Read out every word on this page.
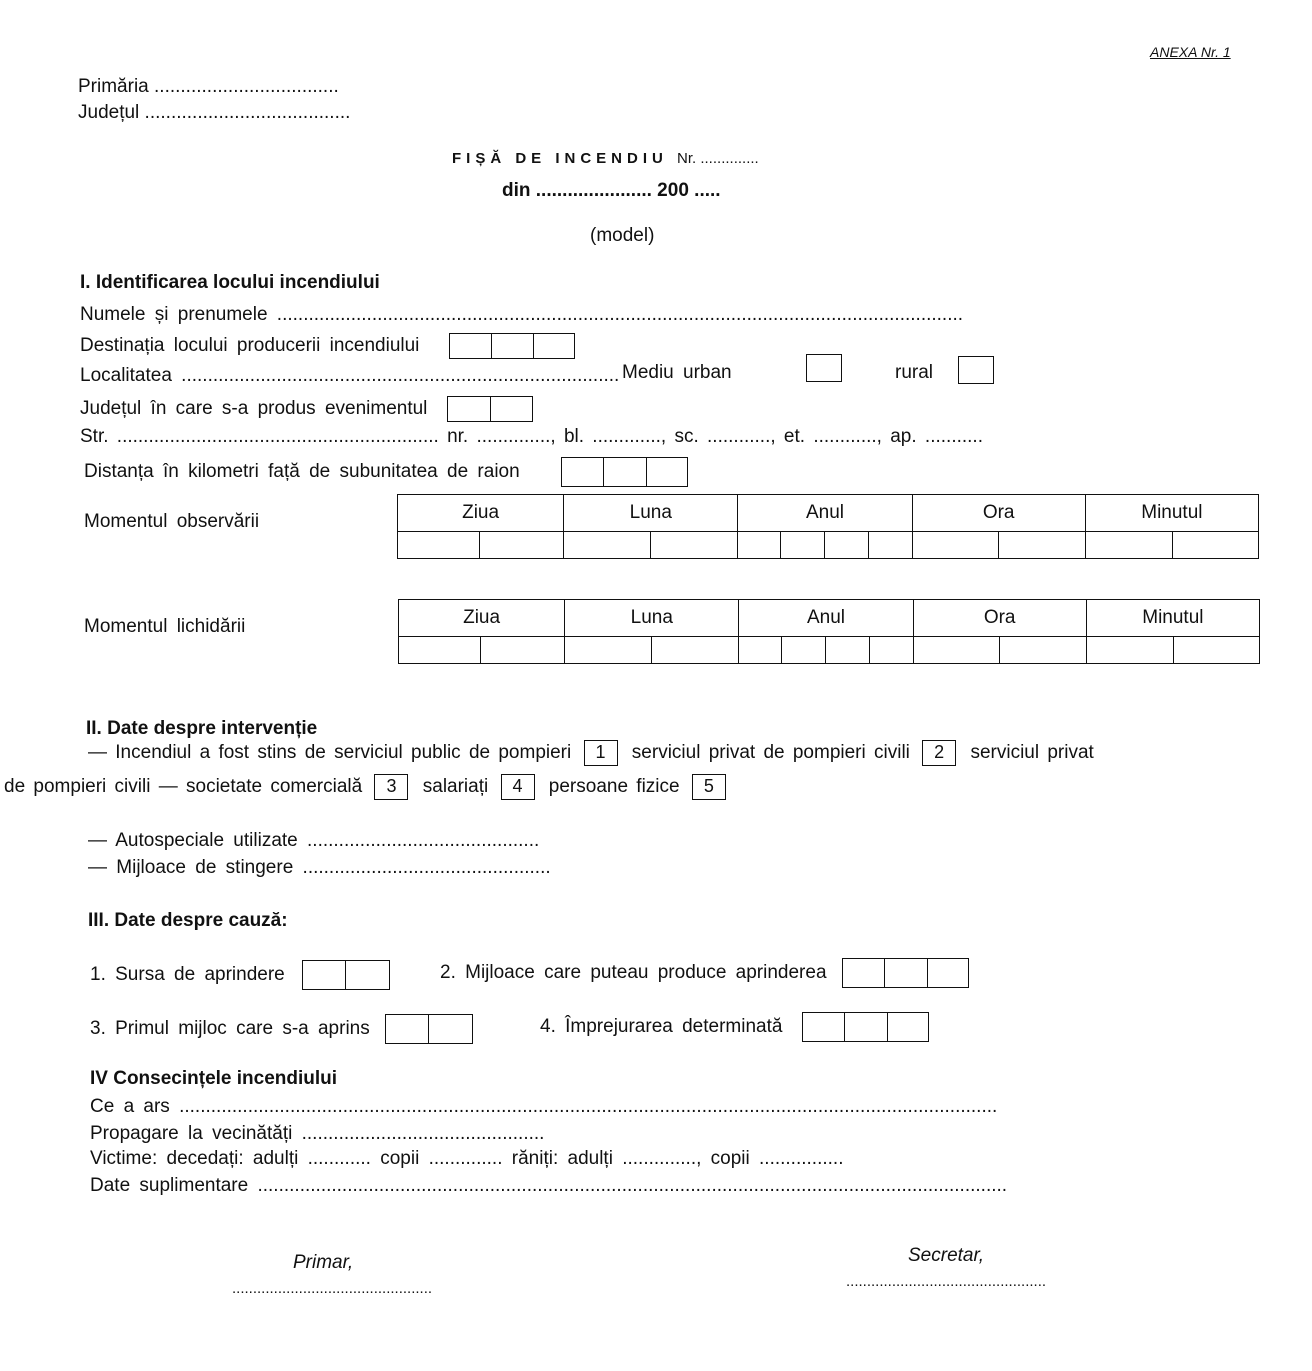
ANEXA Nr. 1
Primăria ...................................
Județul .......................................
FIȘĂ DE INCENDIU Nr. ..............
din ...................... 200 .....
(model)
I. Identificarea locului incendiului
Numele și prenumele ..................................................................................................................................
Destinația locului producerii incendiului
Localitatea ................................................................................... Mediu urban	rural
Județul în care s-a produs evenimentul
Str. ............................................................. nr. .............., bl. ............., sc. ............, et. ............, ap. ...........
Distanța în kilometri față de subunitatea de raion
Momentul observării	Ziua		Luna		Anul				Ora		Minutul	

Momentul lichidării	Ziua		Luna		Anul				Ora		Minutul	

II. Date despre intervenție
— Incendiul a fost stins de serviciul public de pompieri 1 serviciul privat de pompieri civili 2 serviciul privat
de pompieri civili — societate comercială 3 salariați 4 persoane fizice 5
— Autospeciale utilizate ............................................
— Mijloace de stingere ...............................................
III. Date despre cauză:
1. Sursa de aprindere	2. Mijloace care puteau produce aprinderea
3. Primul mijloc care s-a aprins	4. Împrejurarea determinată
IV Consecințele incendiului
Ce a ars ...........................................................................................................................................................
Propagare la vecinătăți ..............................................
Victime: decedați: adulți ............ copii .............. răniți: adulți .............., copii ................
Date suplimentare ..............................................................................................................................................
Primar,
................................................
Secretar,
................................................
